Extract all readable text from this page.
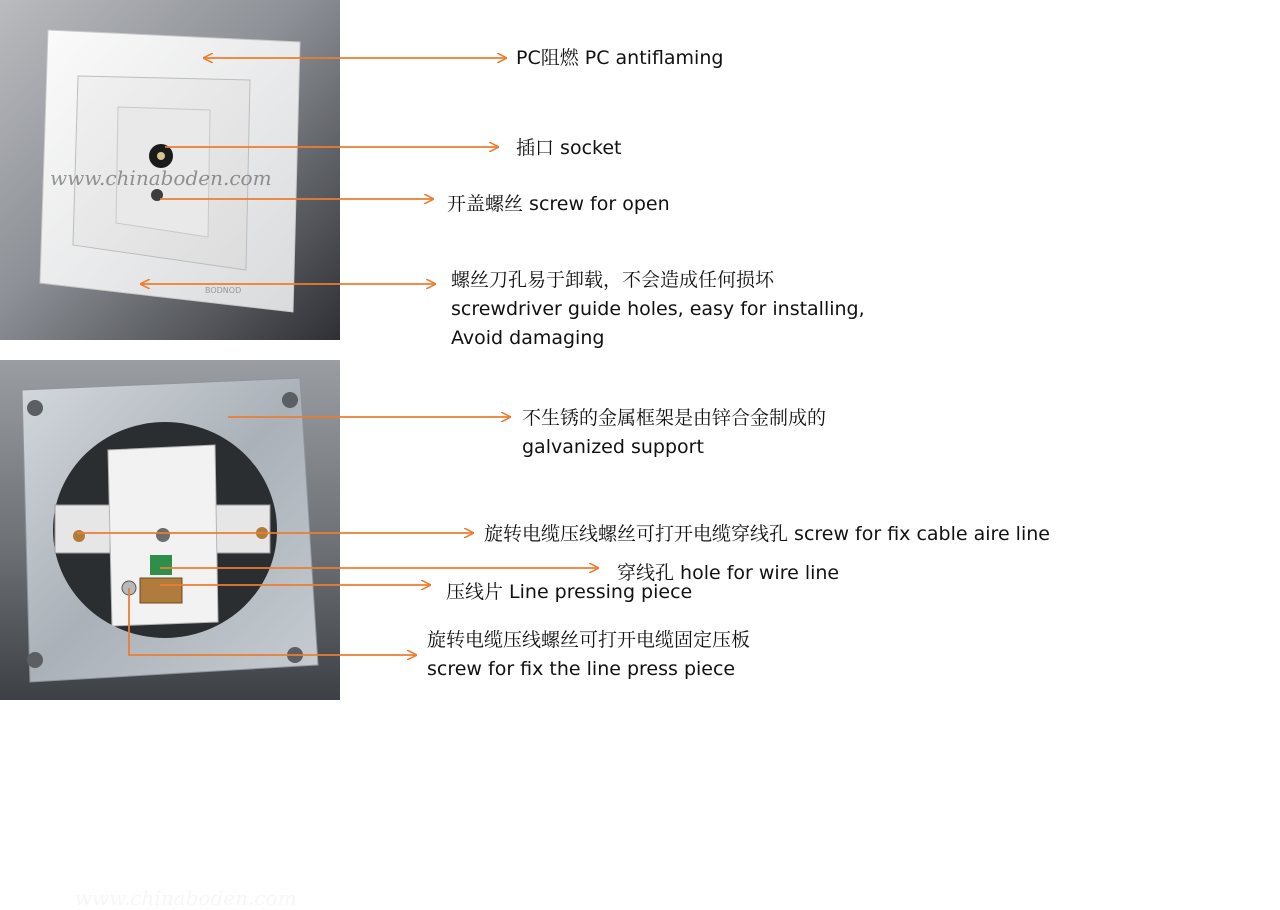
BODNOD
www.chinaboden.com
www.chinaboden.com
PC阻燃 PC antiflaming
插口 socket
开盖螺丝 screw for open
螺丝刀孔易于卸载，不会造成任何损坏
screwdriver guide holes, easy for installing,
Avoid damaging
不生锈的金属框架是由锌合金制成的
galvanized support
旋转电缆压线螺丝可打开电缆穿线孔 screw for fix cable aire line
穿线孔 hole for wire line
压线片 Line pressing piece
旋转电缆压线螺丝可打开电缆固定压板
screw for fix the line press piece
